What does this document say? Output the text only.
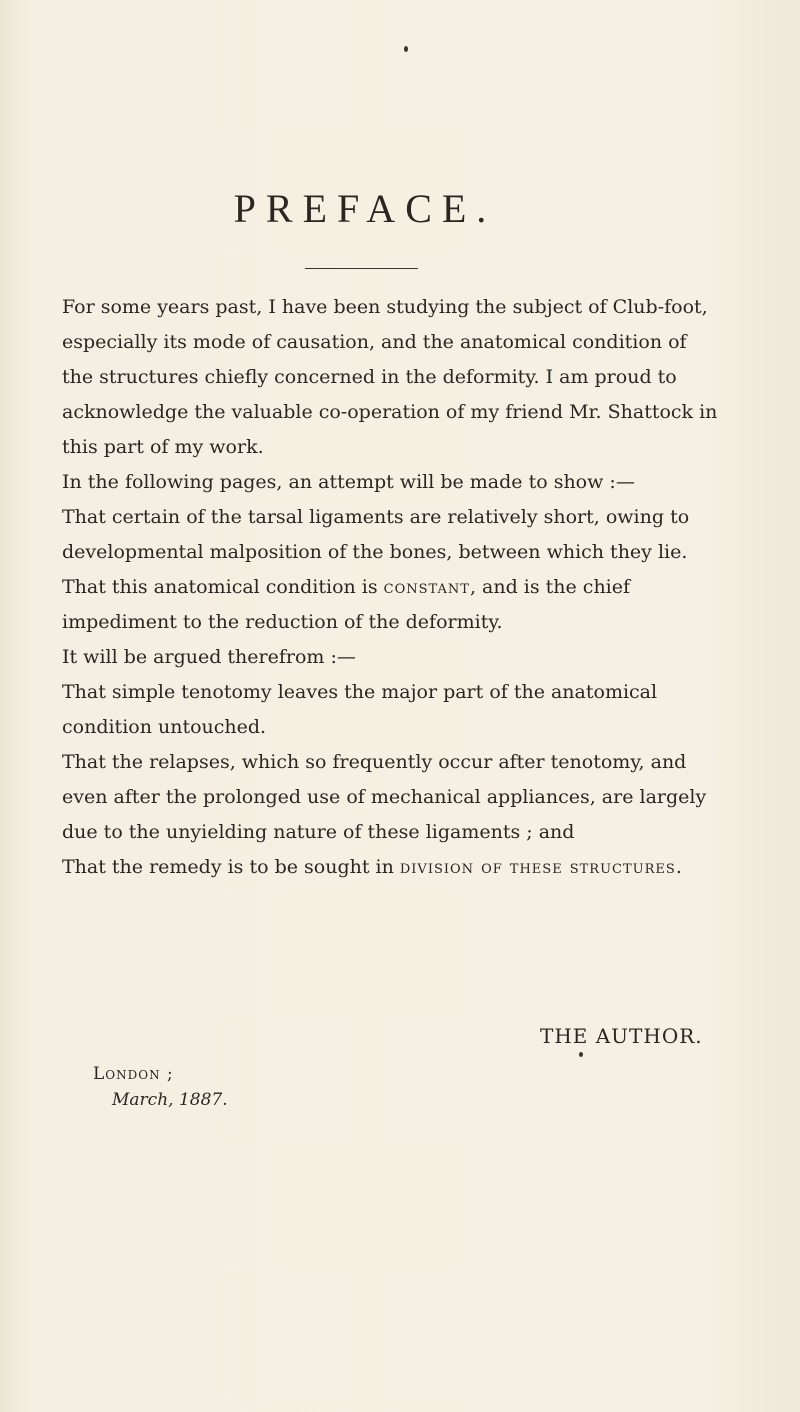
PREFACE.

For some years past, I have been studying the subject of Club-foot, especially its mode of causation, and the anatomical condition of the structures chiefly concerned in the deformity. I am proud to acknowledge the valuable co-operation of my friend Mr. Shattock in this part of my work.

In the following pages, an attempt will be made to show :—

That certain of the tarsal ligaments are relatively short, owing to developmental malposition of the bones, between which they lie.

That this anatomical condition is constant, and is the chief impediment to the reduction of the deformity.

It will be argued therefrom :—

That simple tenotomy leaves the major part of the anatomical condition untouched.

That the relapses, which so frequently occur after tenotomy, and even after the prolonged use of mechanical appliances, are largely due to the unyielding nature of these ligaments ; and

That the remedy is to be sought in division of these structures.

THE AUTHOR.
London ;
March, 1887.
